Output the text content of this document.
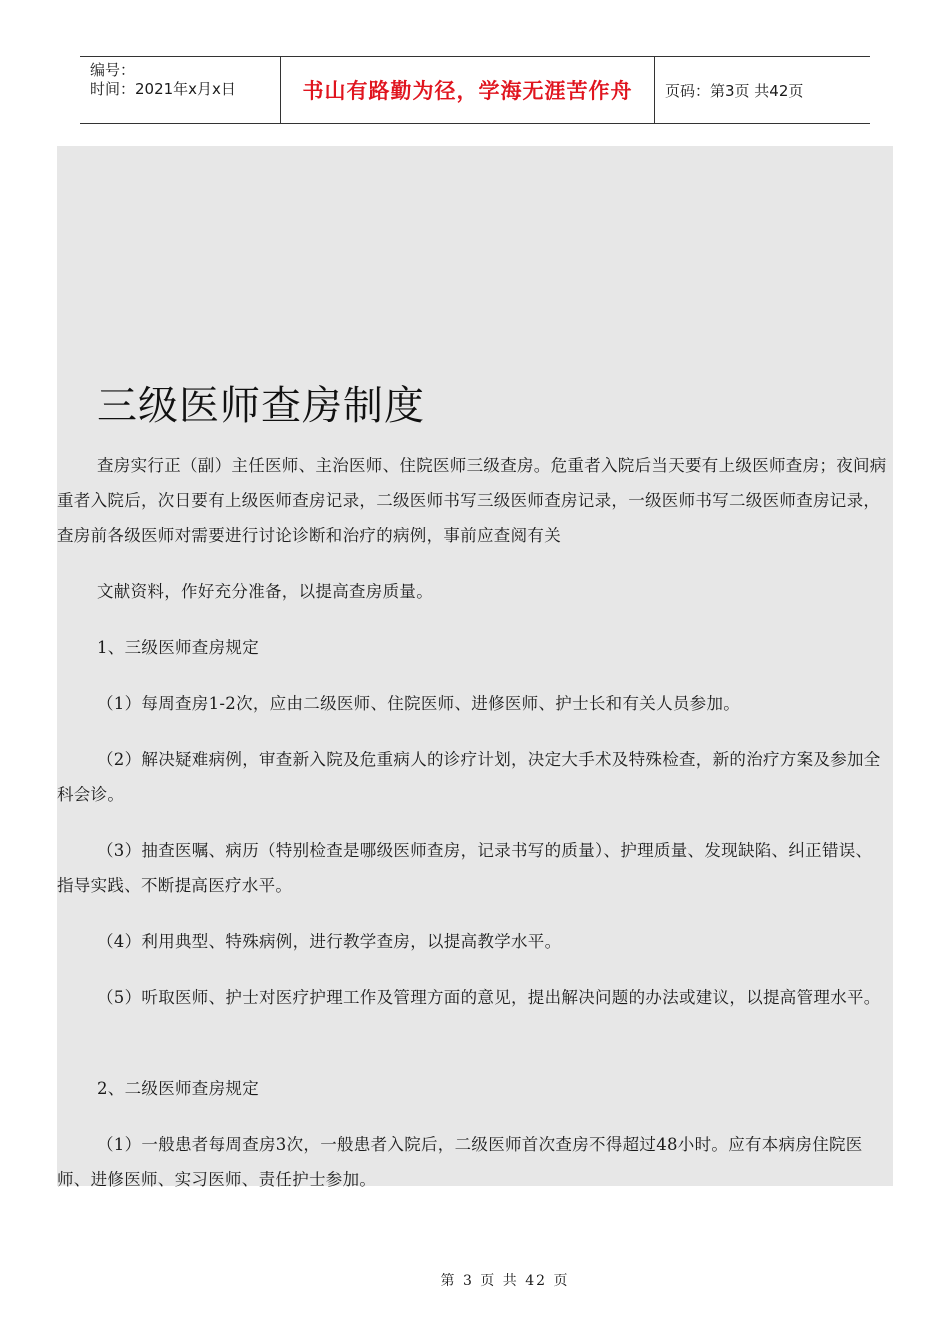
编号：
时间：2021年x月x日	书山有路勤为径，学海无涯苦作舟 页码：第3页 共42页
三级医师查房制度

查房实行正（副）主任医师、主治医师、住院医师三级查房。危重者入院后当天要有上级医师查房；夜间病重者入院后，次日要有上级医师查房记录，二级医师书写三级医师查房记录，一级医师书写二级医师查房记录，查房前各级医师对需要进行讨论诊断和治疗的病例，事前应查阅有关

文献资料，作好充分准备，以提高查房质量。

1、三级医师查房规定

（1）每周查房1-2次，应由二级医师、住院医师、进修医师、护士长和有关人员参加。

（2）解决疑难病例，审查新入院及危重病人的诊疗计划，决定大手术及特殊检查，新的治疗方案及参加全科会诊。

（3）抽查医嘱、病历（特别检查是哪级医师查房，记录书写的质量）、护理质量、发现缺陷、纠正错误、指导实践、不断提高医疗水平。

（4）利用典型、特殊病例，进行教学查房，以提高教学水平。

（5）听取医师、护士对医疗护理工作及管理方面的意见，提出解决问题的办法或建议，以提高管理水平。

2、二级医师查房规定

（1）一般患者每周查房3次，一般患者入院后，二级医师首次查房不得超过48小时。应有本病房住院医师、进修医师、实习医师、责任护士参加。

第 3 页 共 42 页
